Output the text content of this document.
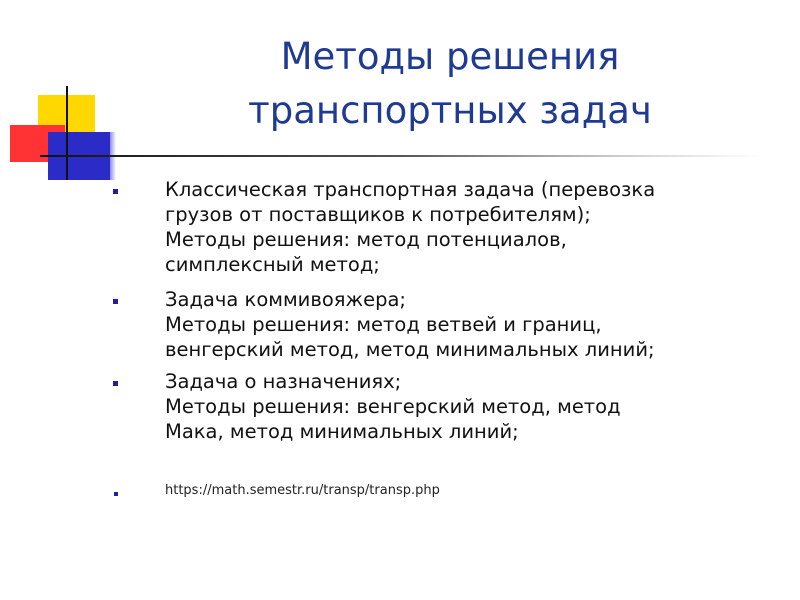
Методы решения
транспортных задач
Классическая транспортная задача (перевозка
грузов от поставщиков к потребителям);
Методы решения: метод потенциалов,
симплексный метод;
Задача коммивояжера;
Методы решения: метод ветвей и границ,
венгерский метод, метод минимальных линий;
Задача о назначениях;
Методы решения: венгерский метод, метод
Мака, метод минимальных линий;
https://math.semestr.ru/transp/transp.php
